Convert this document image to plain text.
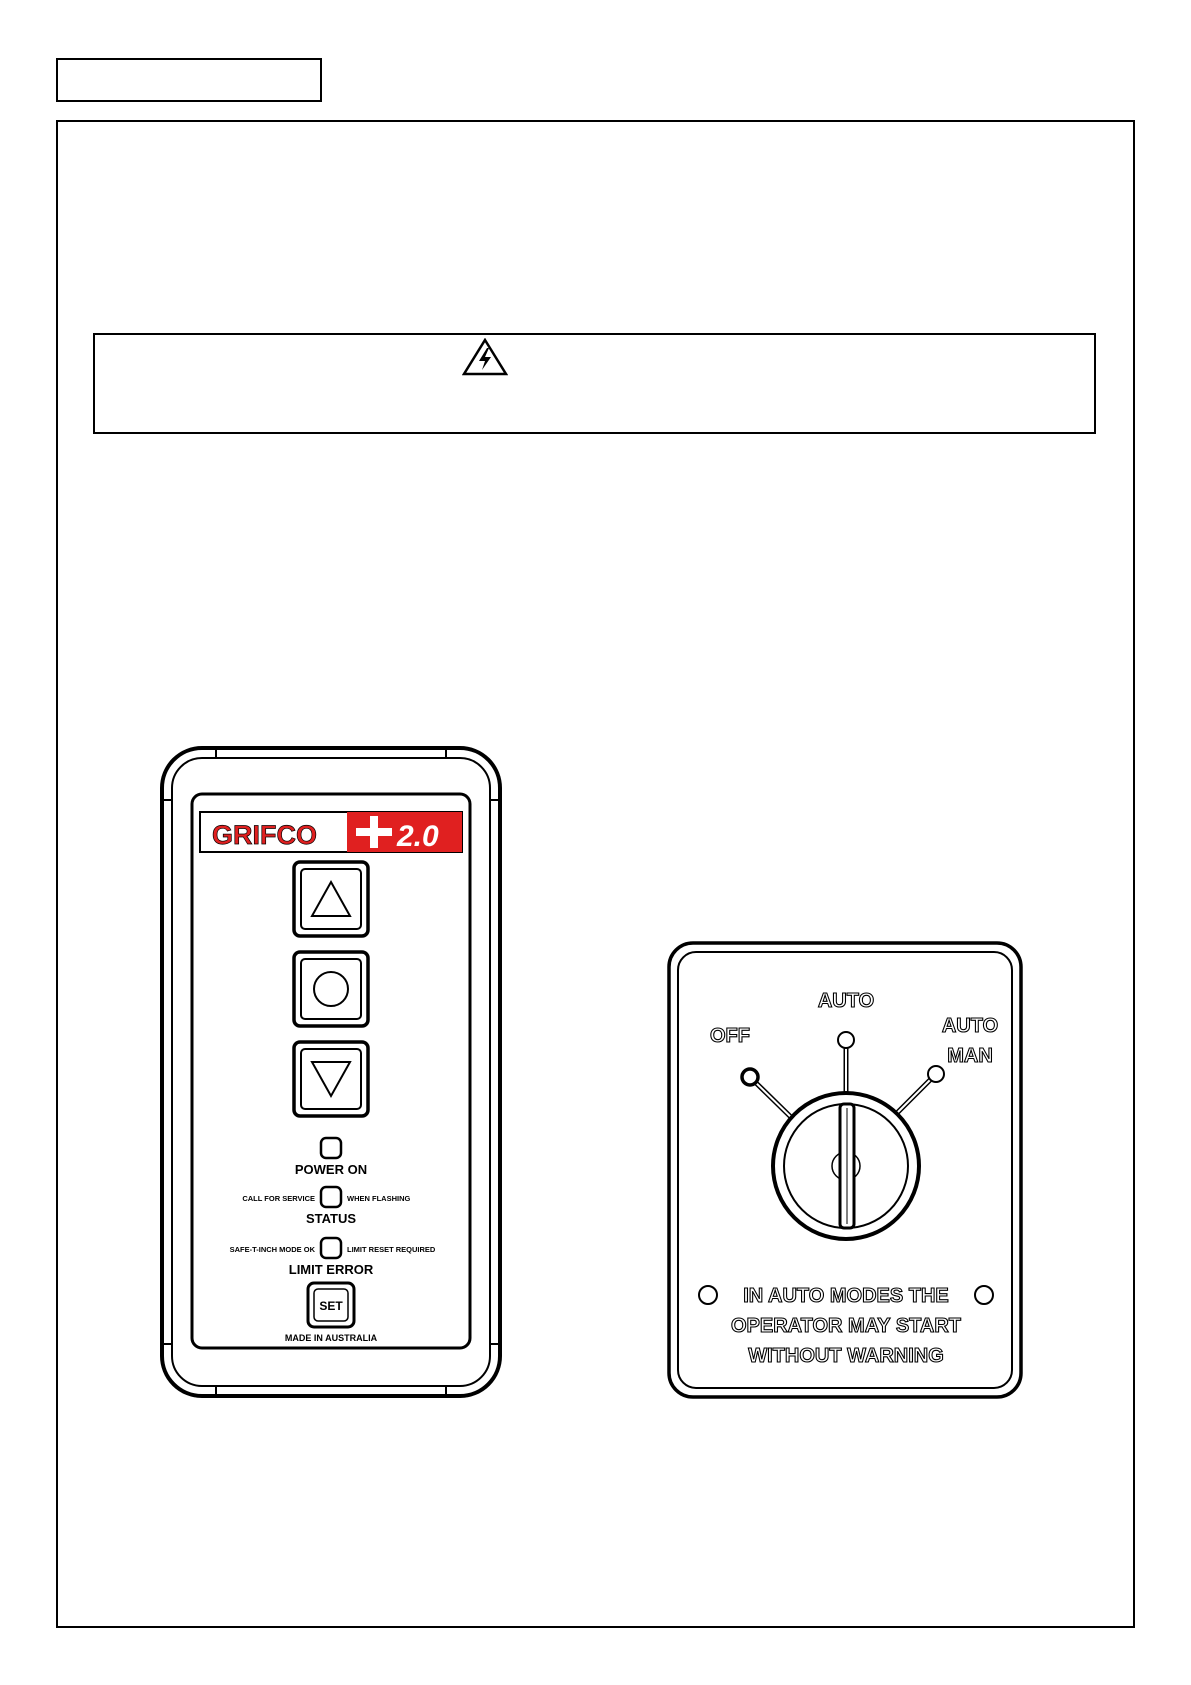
GRIFCO	2.0
POWER ON
CALL FOR SERVICE	WHEN FLASHING
STATUS
SAFE-T-INCH MODE OK	LIMIT RESET REQUIRED
LIMIT ERROR
SET
MADE IN AUSTRALIA
AUTO
OFF	AUTO
MAN
IN AUTO MODES THE
OPERATOR MAY START
WITHOUT WARNING
